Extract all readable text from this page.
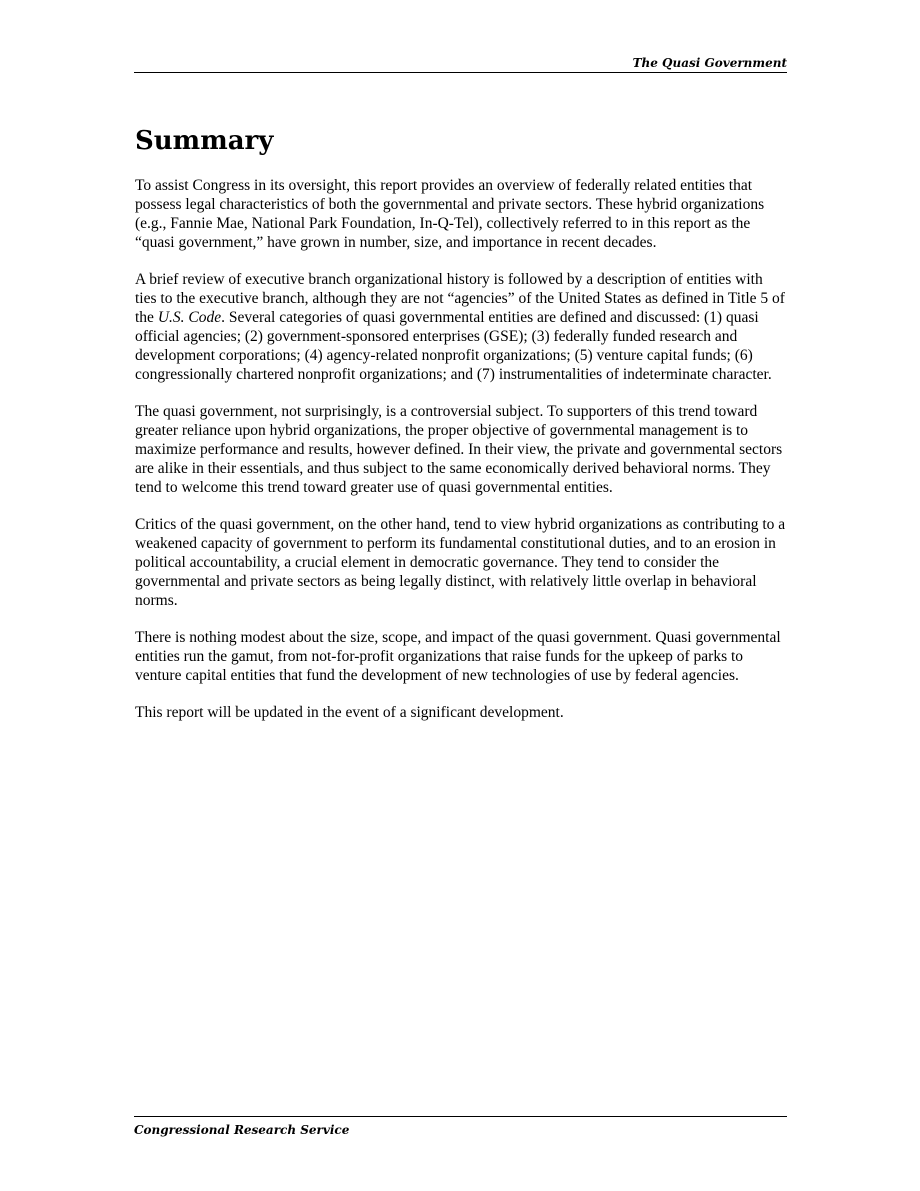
The Quasi Government
Summary

To assist Congress in its oversight, this report provides an overview of federally related entities that possess legal characteristics of both the governmental and private sectors. These hybrid organizations (e.g., Fannie Mae, National Park Foundation, In-Q-Tel), collectively referred to in this report as the “quasi government,” have grown in number, size, and importance in recent decades.

A brief review of executive branch organizational history is followed by a description of entities with ties to the executive branch, although they are not “agencies” of the United States as defined in Title 5 of the U.S. Code. Several categories of quasi governmental entities are defined and discussed: (1) quasi official agencies; (2) government-sponsored enterprises (GSE); (3) federally funded research and development corporations; (4) agency-related nonprofit organizations; (5) venture capital funds; (6) congressionally chartered nonprofit organizations; and (7) instrumentalities of indeterminate character.

The quasi government, not surprisingly, is a controversial subject. To supporters of this trend toward greater reliance upon hybrid organizations, the proper objective of governmental management is to maximize performance and results, however defined. In their view, the private and governmental sectors are alike in their essentials, and thus subject to the same economically derived behavioral norms. They tend to welcome this trend toward greater use of quasi governmental entities.

Critics of the quasi government, on the other hand, tend to view hybrid organizations as contributing to a weakened capacity of government to perform its fundamental constitutional duties, and to an erosion in political accountability, a crucial element in democratic governance. They tend to consider the governmental and private sectors as being legally distinct, with relatively little overlap in behavioral norms.

There is nothing modest about the size, scope, and impact of the quasi government. Quasi governmental entities run the gamut, from not-for-profit organizations that raise funds for the upkeep of parks to venture capital entities that fund the development of new technologies of use by federal agencies.

This report will be updated in the event of a significant development.

Congressional Research Service
